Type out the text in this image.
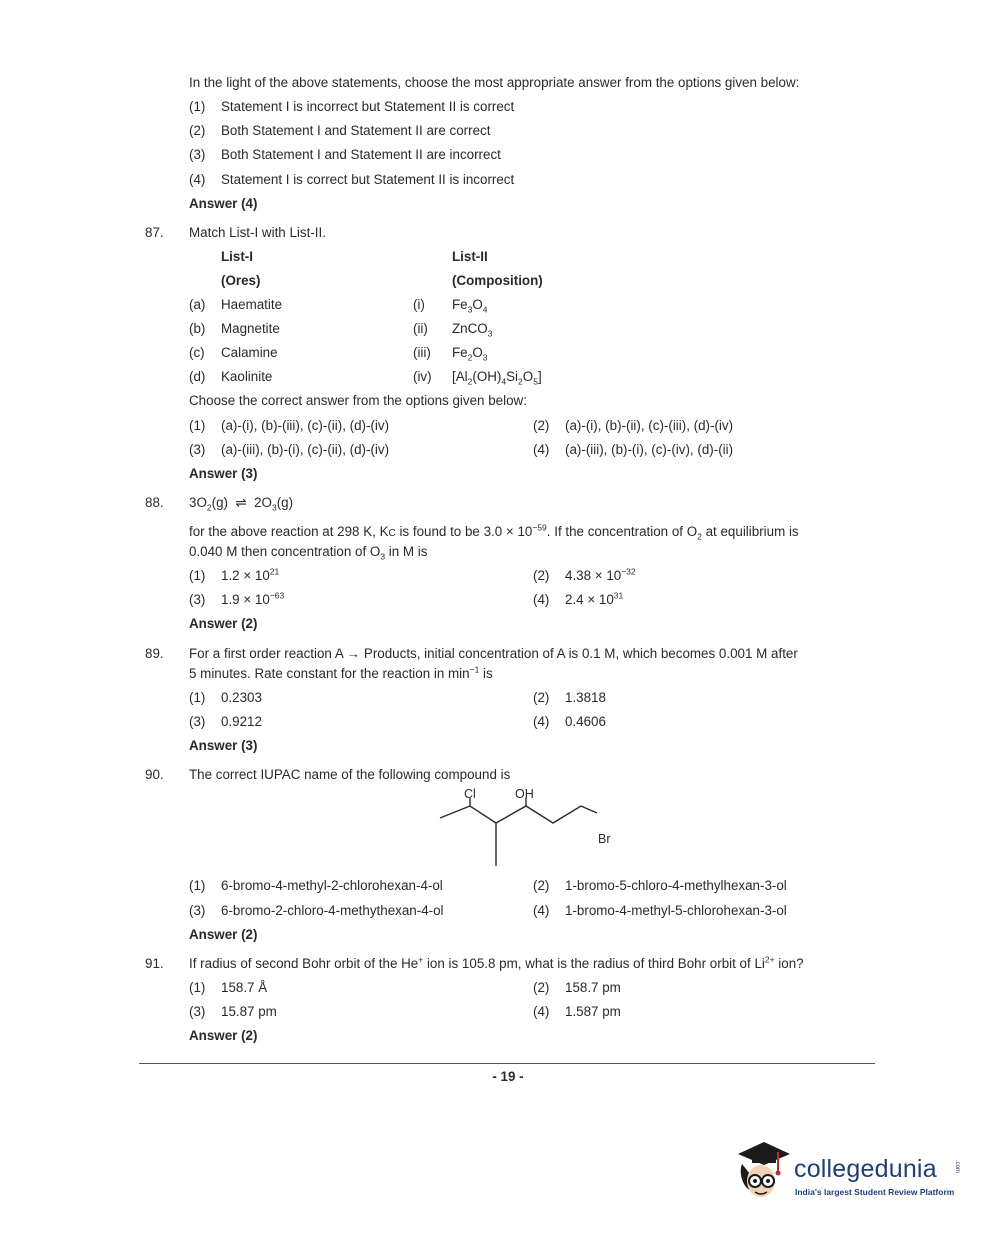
In the light of the above statements, choose the most appropriate answer from the options given below:
(1) Statement I is incorrect but Statement II is correct
(2) Both Statement I and Statement II are correct
(3) Both Statement I and Statement II are incorrect
(4) Statement I is correct but Statement II is incorrect
Answer (4)
87. Match List-I with List-II.
List-I	List-II
(Ores)	(Composition)
(a) Haematite	(i) $Fe_3O_4$
(b) Magnetite	(ii) ZnCO$_3$
(c) Calamine	(iii) $Fe_2O_3$
(d) Kaolinite	(iv) $[Al_2(OH)_4Si_2O_5]$
Choose the correct answer from the options given below:
(1) (a)-(i), (b)-(iii), (c)-(ii), (d)-(iv)	(2) (a)-(i), (b)-(ii), (c)-(iii), (d)-(iv)
(3) (a)-(iii), (b)-(i), (c)-(ii), (d)-(iv)	(4) (a)-(iii), (b)-(i), (c)-(iv), (d)-(ii)
Answer (3)
88. $3O_2(g)$  ⇌  $2O_3(g)$
for the above reaction at 298 K, KC is found to be $3.0 \times 10^{-59}$. If the concentration of $O_2$ at equilibrium is
0.040 M then concentration of $O_3$ in M is
(1) $1.2 \times 10^{21}$	(2) $4.38 \times 10^{-32}$
(3) $1.9 \times 10^{-63}$	(4) $2.4 \times 10^{31}$
Answer (2)
89. For a first order reaction A → Products, initial concentration of A is 0.1 M, which becomes 0.001 M after
5 minutes. Rate constant for the reaction in $\min^{-1}$ is
(1) 0.2303	(2) 1.3818
(3) 0.9212	(4) 0.4606
Answer (3)
90. The correct IUPAC name of the following compound is
Cl	OH
Br
(1) 6-bromo-4-methyl-2-chlorohexan-4-ol	(2) 1-bromo-5-chloro-4-methylhexan-3-ol
(3) 6-bromo-2-chloro-4-methythexan-4-ol	(4) 1-bromo-4-methyl-5-chlorohexan-3-ol
Answer (2)
91. If radius of second Bohr orbit of the He+ ion is 105.8 pm, what is the radius of third Bohr orbit of $Li^{2+}$ ion?
(1) 158.7 Å	(2) 158.7 pm
(3) 15.87 pm	(4) 1.587 pm
Answer (2)
- 19 -
collegedunia	.com
India's largest Student Review Platform
